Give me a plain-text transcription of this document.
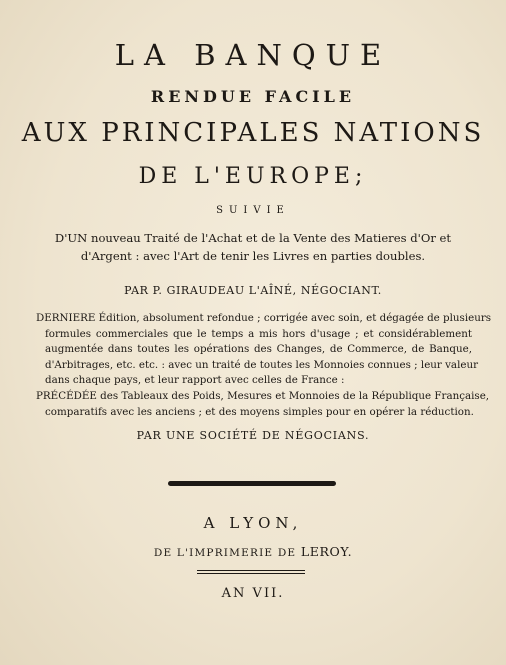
LA BANQUE
RENDUE FACILE
AUX PRINCIPALES NATIONS
DE L'EUROPE;
SUIVIE
D'UN nouveau Traité de l'Achat et de la Vente des Matieres d'Or et
d'Argent : avec l'Art de tenir les Livres en parties doubles.
PAR P. GIRAUDEAU L'AÎNÉ, NÉGOCIANT.
DERNIERE Édition, absolument refondue ; corrigée avec soin, et dégagée de plusieurs
formules commerciales que le temps a mis hors d'usage ; et considérablement
augmentée dans toutes les opérations des Changes, de Commerce, de Banque,
d'Arbitrages, etc. etc. : avec un traité de toutes les Monnoies connues ; leur valeur
dans chaque pays, et leur rapport avec celles de France :
PRÉCÉDÉE des Tableaux des Poids, Mesures et Monnoies de la République Française,
comparatifs avec les anciens ; et des moyens simples pour en opérer la réduction.
PAR UNE SOCIÉTÉ DE NÉGOCIANS.
A LYON,
DE L'IMPRIMERIE DE LEROY.
AN VII.
